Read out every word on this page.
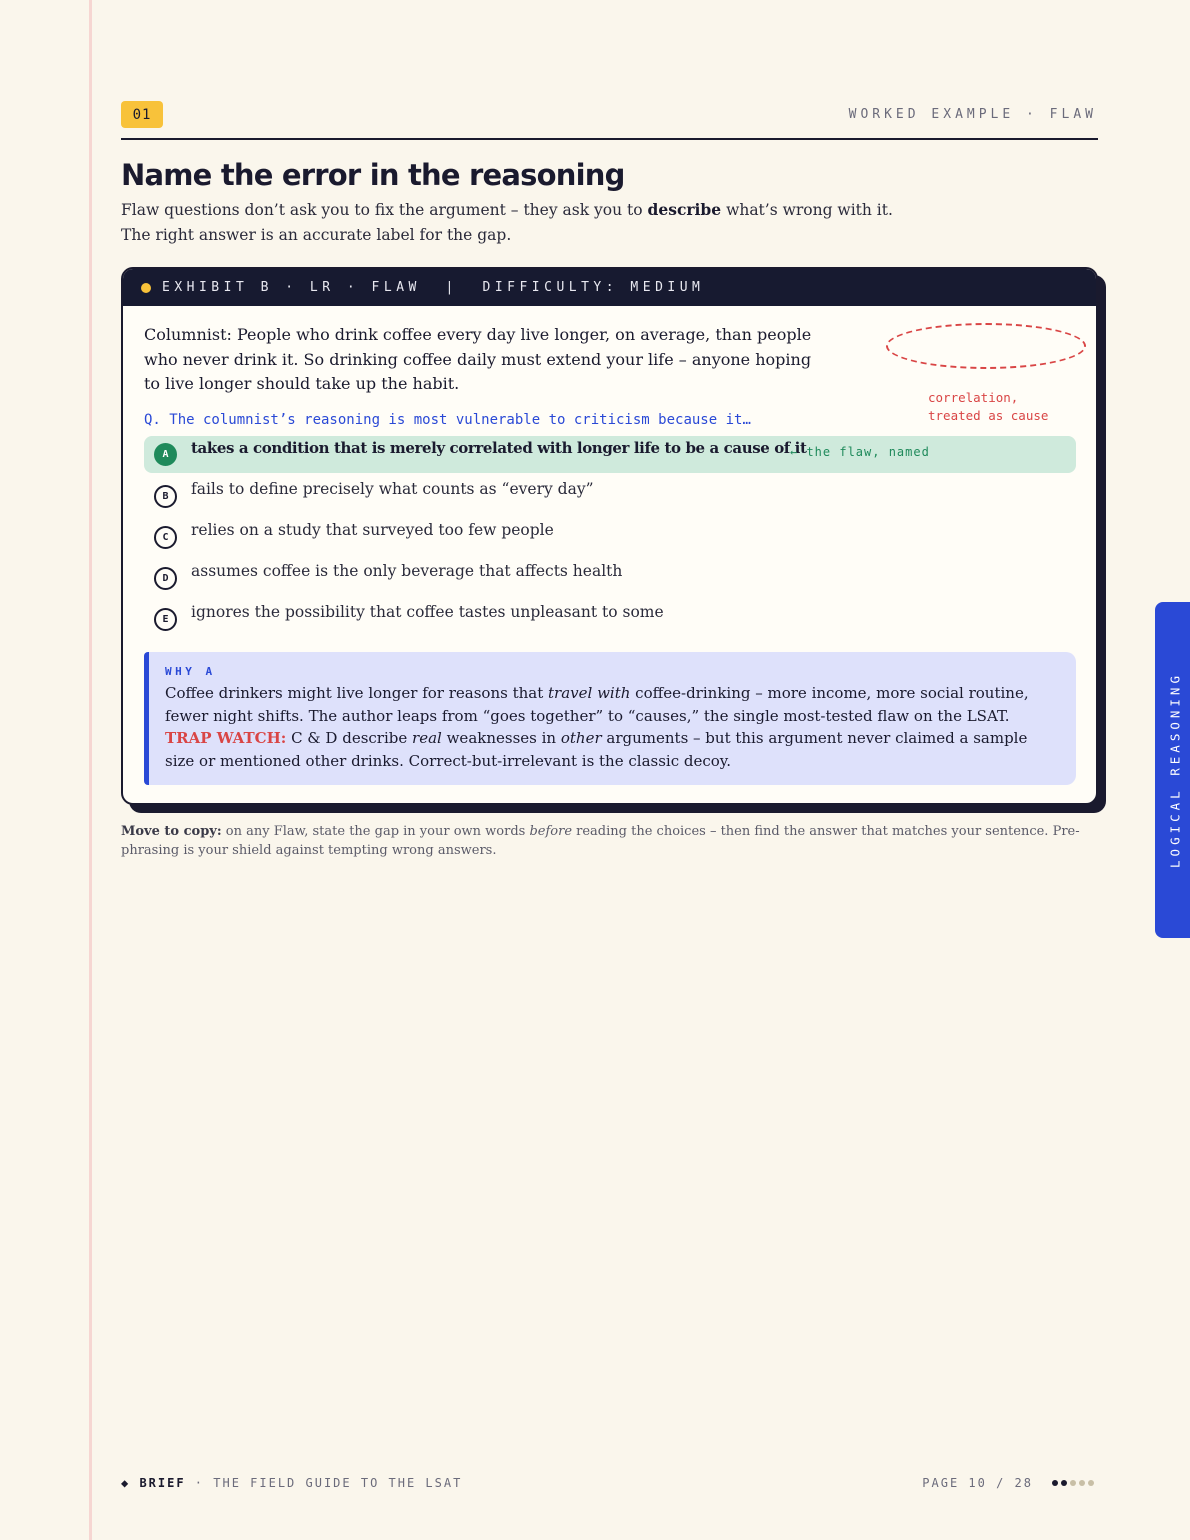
01	WORKED EXAMPLE · FLAW
Name the error in the reasoning

Flaw questions don’t ask you to fix the argument – they ask you to describe what’s wrong with it. The right answer is an accurate label for the gap.

EXHIBIT B · LR · FLAW  |  DIFFICULTY: MEDIUM

Columnist: People who drink coffee every day live longer, on average, than people who never drink it. So drinking coffee daily must extend your life – anyone hoping to live longer should take up the habit.

correlation,
treated as cause

Q. The columnist’s reasoning is most vulnerable to criticism because it…

A	takes a condition that is merely correlated with longer life to be a cause of it
← the flaw, named
B	fails to define precisely what counts as “every day”
C	relies on a study that surveyed too few people
D	assumes coffee is the only beverage that affects health
E	ignores the possibility that coffee tastes unpleasant to some
WHY A

Coffee drinkers might live longer for reasons that travel with coffee-drinking – more income, more social routine, fewer night shifts. The author leaps from “goes together” to “causes,” the single most-tested flaw on the LSAT. TRAP WATCH: C & D describe real weaknesses in other arguments – but this argument never claimed a sample size or mentioned other drinks. Correct-but-irrelevant is the classic decoy.

Move to copy: on any Flaw, state the gap in your own words before reading the choices – then find the answer that matches your sentence. Pre-phrasing is your shield against tempting wrong answers.	LOGICAL REASONING
◆ BRIEF · THE FIELD GUIDE TO THE LSAT	PAGE 10 / 28
